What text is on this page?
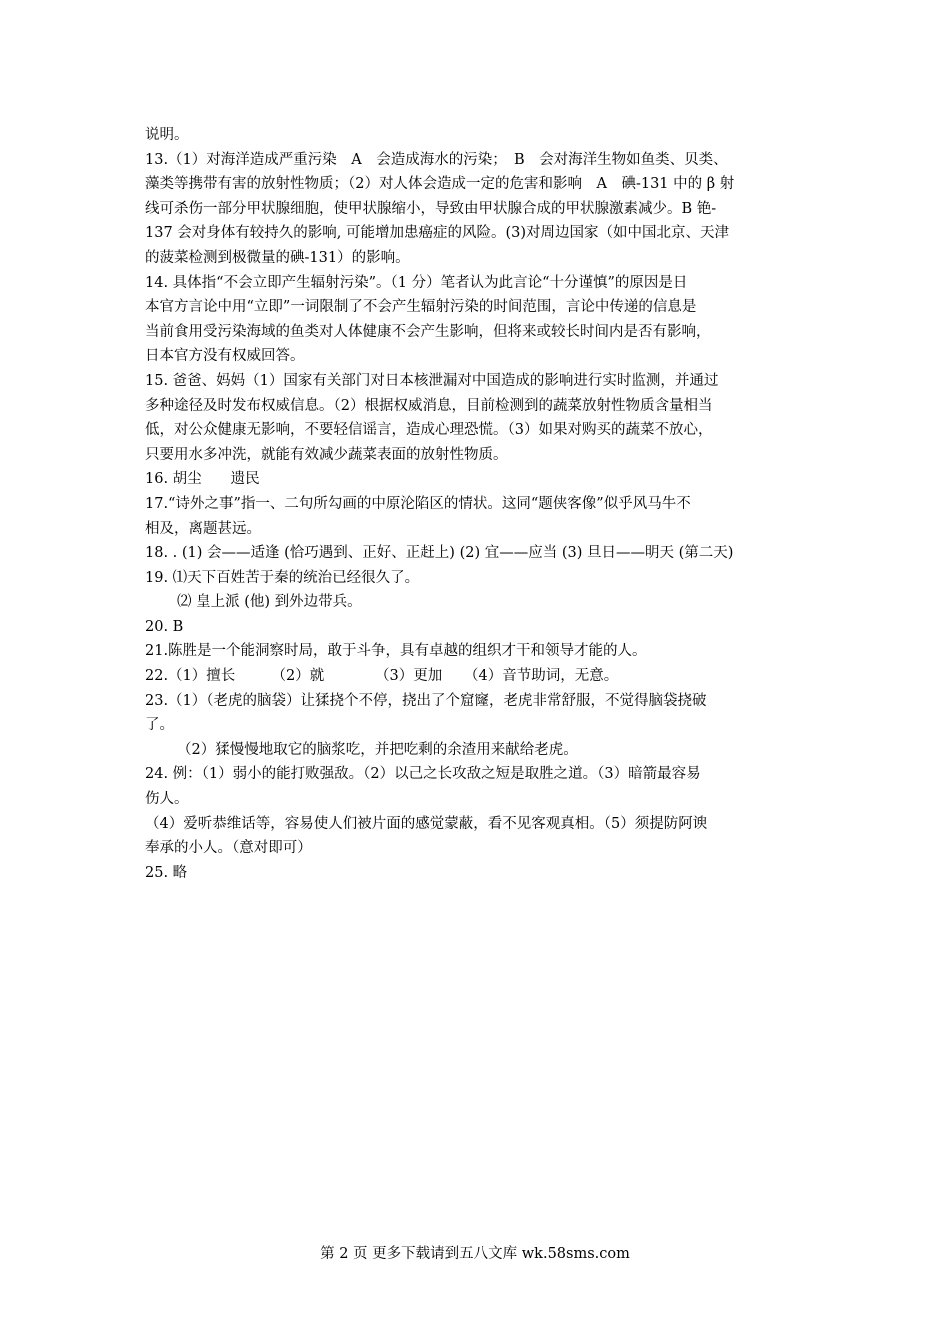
说明。
13.（1）对海洋造成严重污染　A　会造成海水的污染；　B　会对海洋生物如鱼类、贝类、
藻类等携带有害的放射性物质；（2）对人体会造成一定的危害和影响　A　碘-131 中的 β 射
线可杀伤一部分甲状腺细胞，使甲状腺缩小，导致由甲状腺合成的甲状腺激素减少。B 铯-
137 会对身体有较持久的影响, 可能增加患癌症的风险。(3)对周边国家（如中国北京、天津
的菠菜检测到极微量的碘-131）的影响。
14. 具体指“不会立即产生辐射污染”。（1 分）笔者认为此言论“十分谨慎”的原因是日
本官方言论中用“立即”一词限制了不会产生辐射污染的时间范围，言论中传递的信息是
当前食用受污染海域的鱼类对人体健康不会产生影响，但将来或较长时间内是否有影响，
日本官方没有权威回答。
15. 爸爸、妈妈（1）国家有关部门对日本核泄漏对中国造成的影响进行实时监测，并通过
多种途径及时发布权威信息。（2）根据权威消息，目前检测到的蔬菜放射性物质含量相当
低，对公众健康无影响，不要轻信谣言，造成心理恐慌。（3）如果对购买的蔬菜不放心，
只要用水多冲洗，就能有效减少蔬菜表面的放射性物质。
16. 胡尘　　遗民
17.“诗外之事”指一、二句所勾画的中原沦陷区的情状。这同“题侠客像”似乎风马牛不
相及，离题甚远。
18. . (1) 会——适逢 (恰巧遇到、正好、正赶上) (2) 宜——应当 (3) 旦日——明天 (第二天)
19. ⑴天下百姓苦于秦的统治已经很久了。
⑵ 皇上派 (他) 到外边带兵。
20. B
21.陈胜是一个能洞察时局，敢于斗争，具有卓越的组织才干和领导才能的人。
22.（1）擅长　　　（2）就　　　　（3）更加　　（4）音节助词，无意。
23.（1）（老虎的脑袋）让猱挠个不停，挠出了个窟窿，老虎非常舒服，不觉得脑袋挠破
了。
（2）猱慢慢地取它的脑浆吃，并把吃剩的余渣用来献给老虎。
24. 例：（1）弱小的能打败强敌。（2）以己之长攻敌之短是取胜之道。（3）暗箭最容易
伤人。
（4）爱听恭维话等，容易使人们被片面的感觉蒙蔽，看不见客观真相。（5）须提防阿谀
奉承的小人。（意对即可）
25. 略
第 2 页 更多下载请到五八文库 wk.58sms.com
